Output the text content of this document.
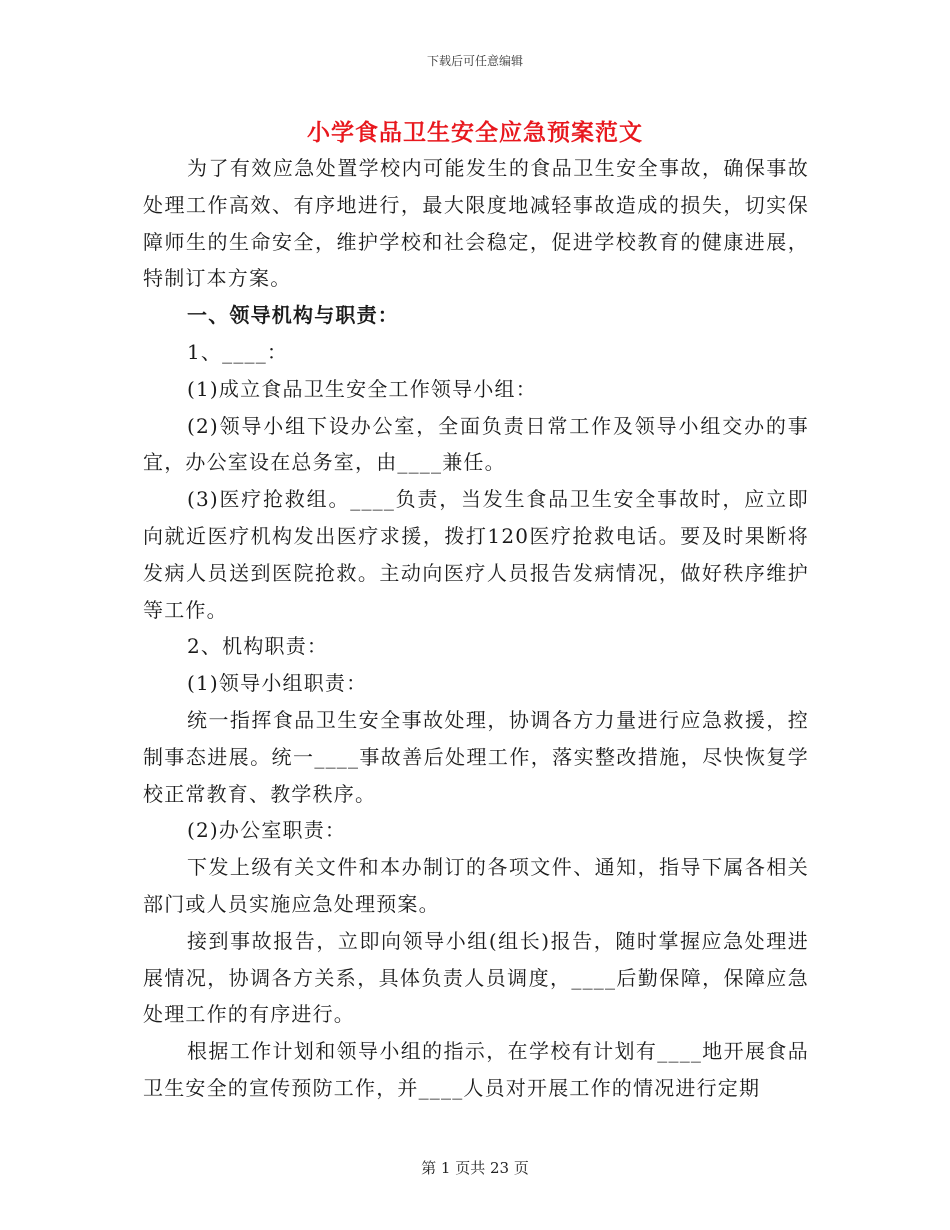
下载后可任意编辑
小学食品卫生安全应急预案范文

为了有效应急处置学校内可能发生的食品卫生安全事故，确保事故处理工作高效、有序地进行，最大限度地减轻事故造成的损失，切实保障师生的生命安全，维护学校和社会稳定，促进学校教育的健康进展，特制订本方案。

一、领导机构与职责：

1、____：

(1)成立食品卫生安全工作领导小组：

(2)领导小组下设办公室，全面负责日常工作及领导小组交办的事宜，办公室设在总务室，由____兼任。

(3)医疗抢救组。____负责，当发生食品卫生安全事故时，应立即向就近医疗机构发出医疗求援，拨打120医疗抢救电话。要及时果断将发病人员送到医院抢救。主动向医疗人员报告发病情况，做好秩序维护等工作。

2、机构职责：

(1)领导小组职责：

统一指挥食品卫生安全事故处理，协调各方力量进行应急救援，控制事态进展。统一____事故善后处理工作，落实整改措施，尽快恢复学校正常教育、教学秩序。

(2)办公室职责：

下发上级有关文件和本办制订的各项文件、通知，指导下属各相关部门或人员实施应急处理预案。

接到事故报告，立即向领导小组(组长)报告，随时掌握应急处理进展情况，协调各方关系，具体负责人员调度，____后勤保障，保障应急处理工作的有序进行。

根据工作计划和领导小组的指示，在学校有计划有____地开展食品卫生安全的宣传预防工作，并____人员对开展工作的情况进行定期

第 1 页共 23 页
